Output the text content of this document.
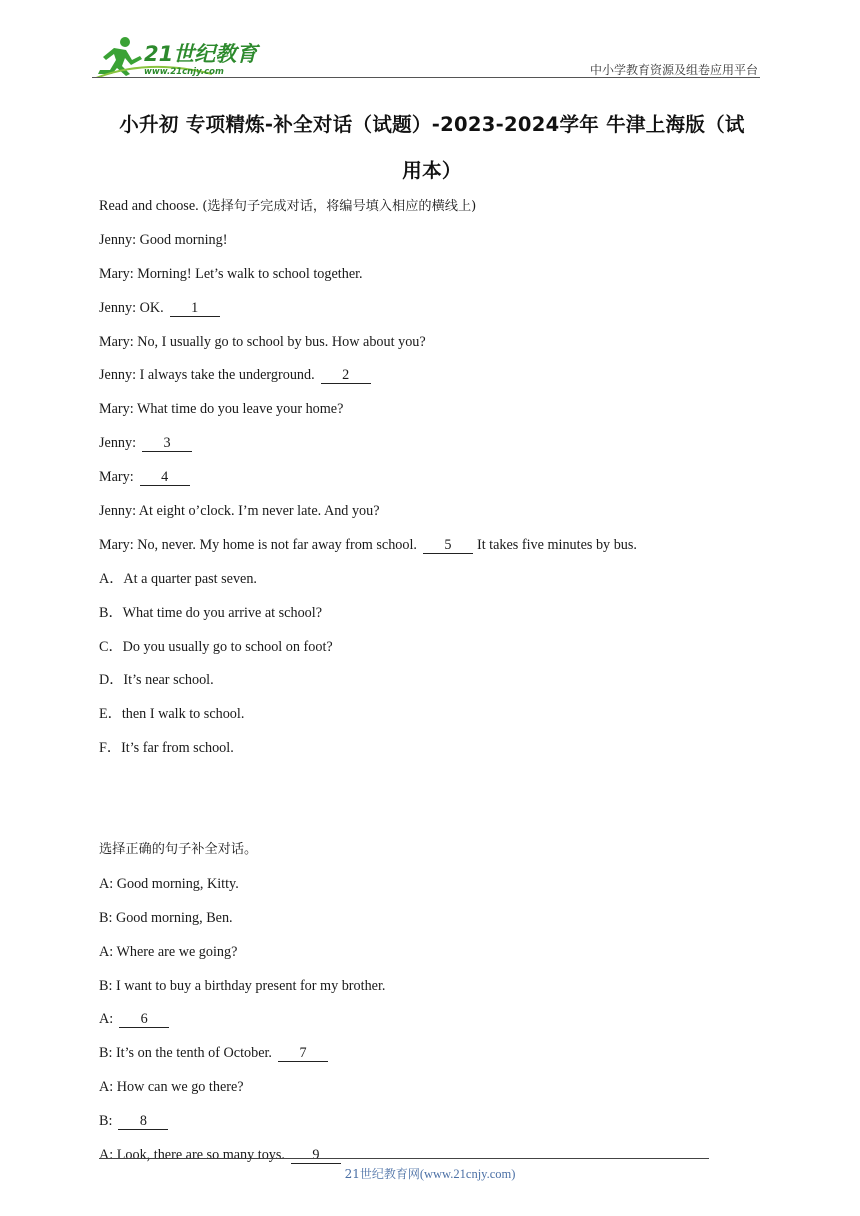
21世纪教育
www.21cnjy.com	中小学教育资源及组卷应用平台
小升初 专项精炼-补全对话（试题）-2023-2024学年 牛津上海版（试
用本）
Read and choose. (选择句子完成对话，将编号填入相应的横线上)
Jenny: Good morning!
Mary: Morning! Let’s walk to school together.
Jenny: OK. 1
Mary: No, I usually go to school by bus. How about you?
Jenny: I always take the underground. 2
Mary: What time do you leave your home?
Jenny: 3
Mary: 4
Jenny: At eight o’clock. I’m never late. And you?
Mary: No, never. My home is not far away from school. 5 It takes five minutes by bus.
A．At a quarter past seven.
B．What time do you arrive at school?
C．Do you usually go to school on foot?
D．It’s near school.
E．then I walk to school.
F．It’s far from school.
选择正确的句子补全对话。
A: Good morning, Kitty.
B: Good morning, Ben.
A: Where are we going?
B: I want to buy a birthday present for my brother.
A: 6
B: It’s on the tenth of October. 7
A: How can we go there?
B: 8
A: Look, there are so many toys. 9
21世纪教育网(www.21cnjy.com)
